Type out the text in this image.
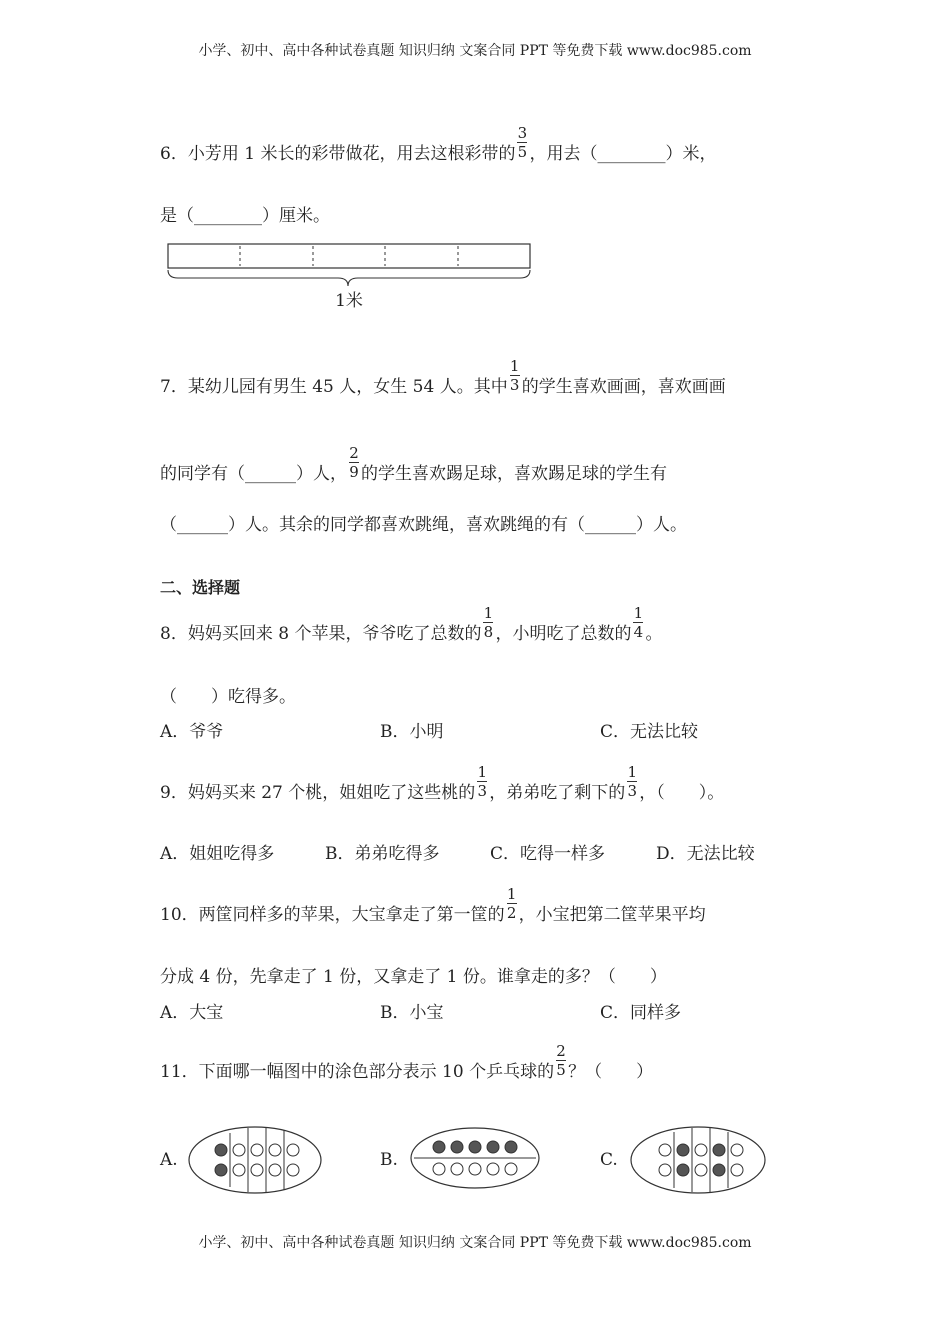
小学、初中、高中各种试卷真题 知识归纳 文案合同 PPT 等免费下载 www.doc985.com
6．小芳用 1 米长的彩带做花，用去这根彩带的 $\frac{3}{5}$ ，用去（________）米，
是（________）厘米。
1米
7．某幼儿园有男生 45 人，女生 54 人。其中 $\frac{1}{3}$ 的学生喜欢画画，喜欢画画
的同学有（______）人， $\frac{2}{9}$ 的学生喜欢踢足球，喜欢踢足球的学生有
（______）人。其余的同学都喜欢跳绳，喜欢跳绳的有（______）人。
二、选择题
8．妈妈买回来 8 个苹果，爷爷吃了总数的 $\frac{1}{8}$ ，小明吃了总数的 $\frac{1}{4}$ 。
（　　）吃得多。
A．爷爷	B．小明	C．无法比较
9．妈妈买来 27 个桃，姐姐吃了这些桃的 $\frac{1}{3}$ ，弟弟吃了剩下的 $\frac{1}{3}$ ，（　　）。
A．姐姐吃得多	B．弟弟吃得多	C．吃得一样多	D．无法比较
10．两筐同样多的苹果，大宝拿走了第一筐的 $\frac{1}{2}$ ，小宝把第二筐苹果平均
分成 4 份，先拿走了 1 份，又拿走了 1 份。谁拿走的多？（　　）
A．大宝	B．小宝	C．同样多
11．下面哪一幅图中的涂色部分表示 10 个乒乓球的 $\frac{2}{5}$ ？（　　）
A.	B.	C.
小学、初中、高中各种试卷真题 知识归纳 文案合同 PPT 等免费下载 www.doc985.com
